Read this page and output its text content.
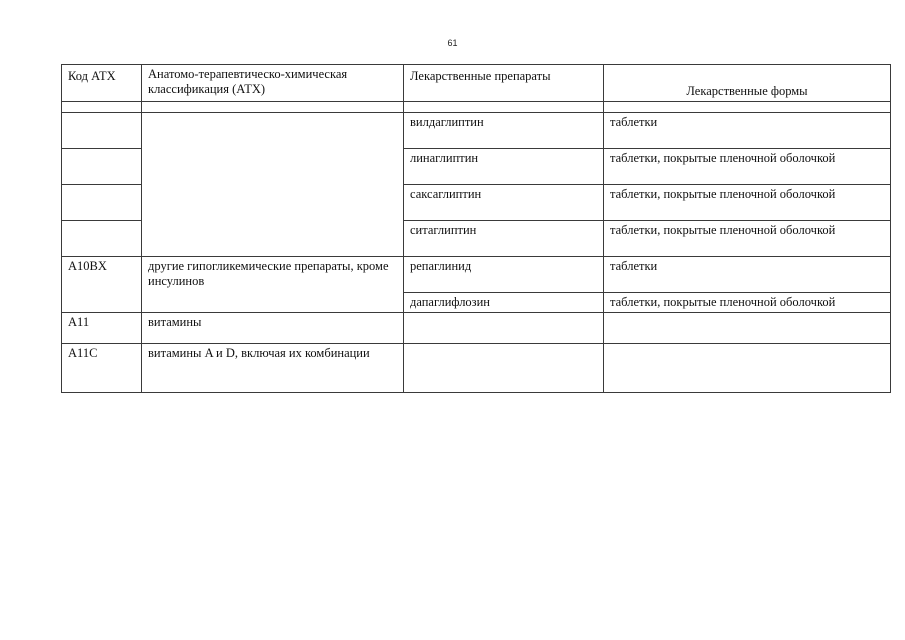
61
Код АТХ	Анатомо-терапевтическо-химическая классификация (АТХ)	Лекарственные препараты	Лекарственные формы

		вилдаглиптин	таблетки
		линаглиптин	таблетки, покрытые пленочной оболочкой
		саксаглиптин	таблетки, покрытые пленочной оболочкой
		ситаглиптин	таблетки, покрытые пленочной оболочкой
A10BX	другие гипогликемические препараты, кроме инсулинов	репаглинид	таблетки
		дапаглифлозин	таблетки, покрытые пленочной оболочкой
A11	витамины		
A11C	витамины A и D, включая их комбинации		
